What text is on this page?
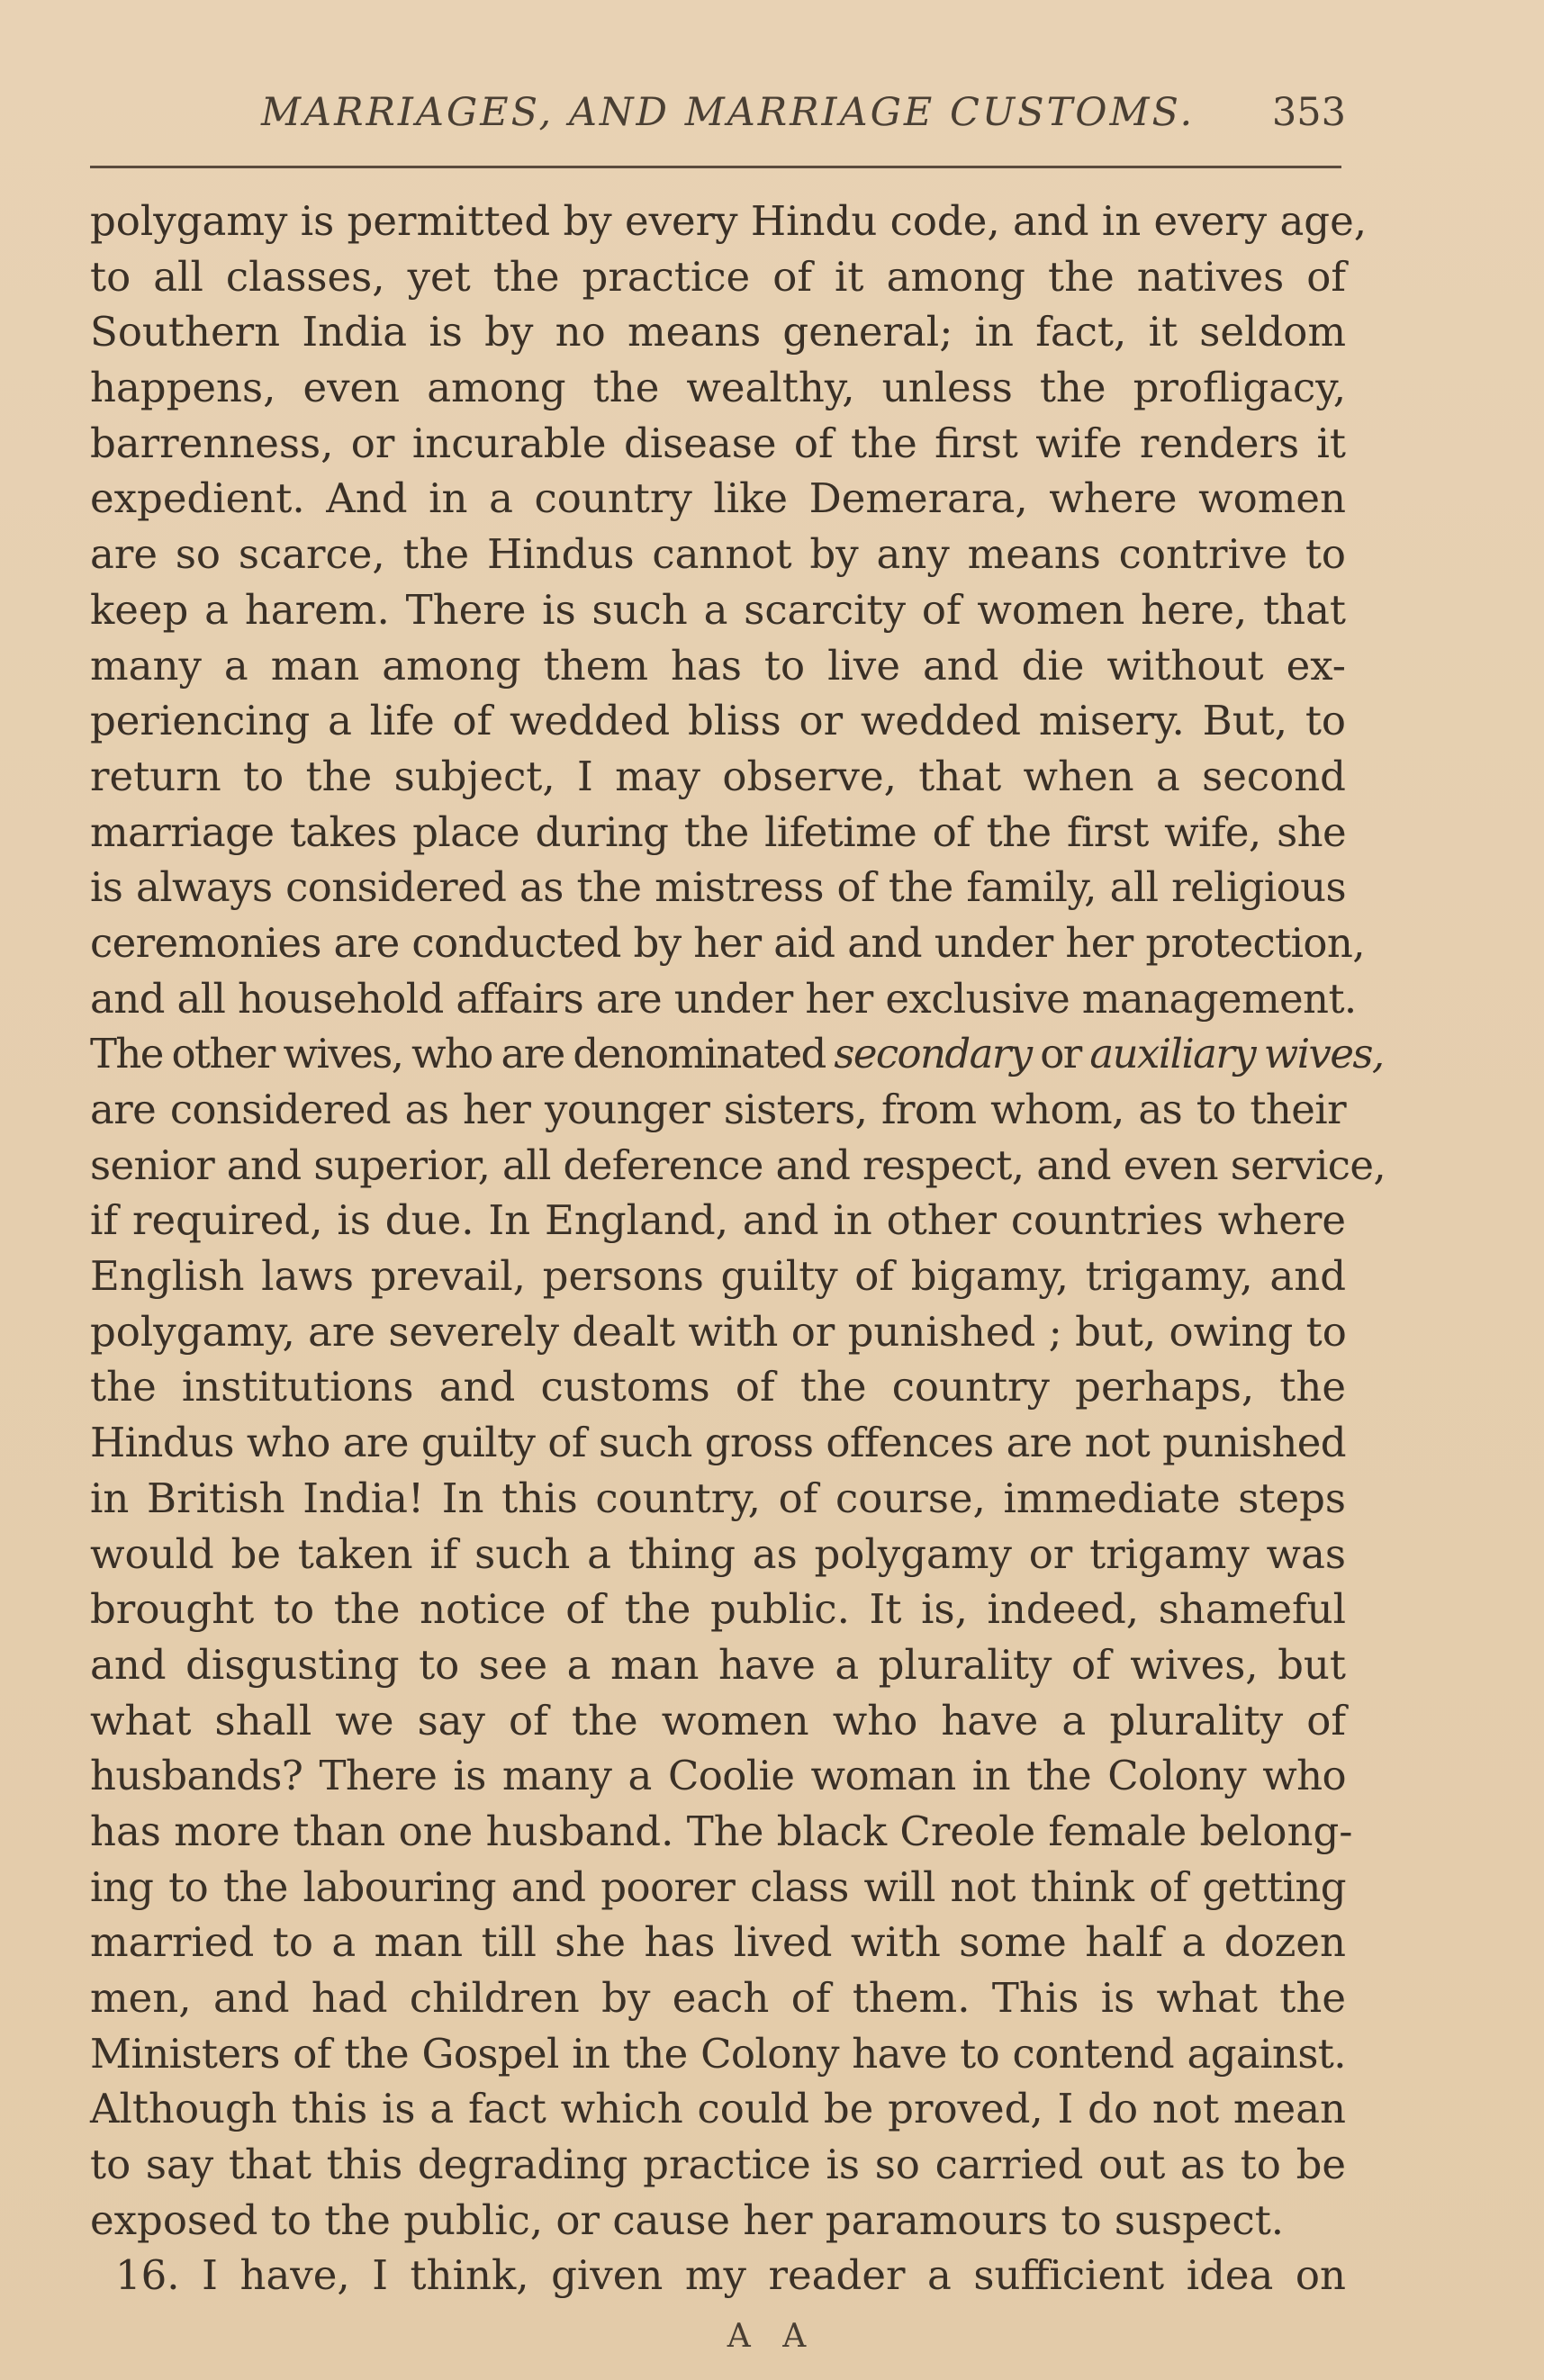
MARRIAGES, AND MARRIAGE CUSTOMS. 353
polygamy is permitted by every Hindu code, and in every age,
to all classes, yet the practice of it among the natives of
Southern India is by no means general; in fact, it seldom
happens, even among the wealthy, unless the profligacy,
barrenness, or incurable disease of the first wife renders it
expedient. And in a country like Demerara, where women
are so scarce, the Hindus cannot by any means contrive to
keep a harem. There is such a scarcity of women here, that
many a man among them has to live and die without ex-
periencing a life of wedded bliss or wedded misery. But, to
return to the subject, I may observe, that when a second
marriage takes place during the lifetime of the first wife, she
is always considered as the mistress of the family, all religious
ceremonies are conducted by her aid and under her protection,
and all household affairs are under her exclusive management.
The other wives, who are denominated secondary or auxiliary wives,
are considered as her younger sisters, from whom, as to their
senior and superior, all deference and respect, and even service,
if required, is due. In England, and in other countries where
English laws prevail, persons guilty of bigamy, trigamy, and
polygamy, are severely dealt with or punished ; but, owing to
the institutions and customs of the country perhaps, the
Hindus who are guilty of such gross offences are not punished
in British India! In this country, of course, immediate steps
would be taken if such a thing as polygamy or trigamy was
brought to the notice of the public. It is, indeed, shameful
and disgusting to see a man have a plurality of wives, but
what shall we say of the women who have a plurality of
husbands? There is many a Coolie woman in the Colony who
has more than one husband. The black Creole female belong-
ing to the labouring and poorer class will not think of getting
married to a man till she has lived with some half a dozen
men, and had children by each of them. This is what the
Ministers of the Gospel in the Colony have to contend against.
Although this is a fact which could be proved, I do not mean
to say that this degrading practice is so carried out as to be
exposed to the public, or cause her paramours to suspect.
16. I have, I think, given my reader a sufficient idea on
A A
